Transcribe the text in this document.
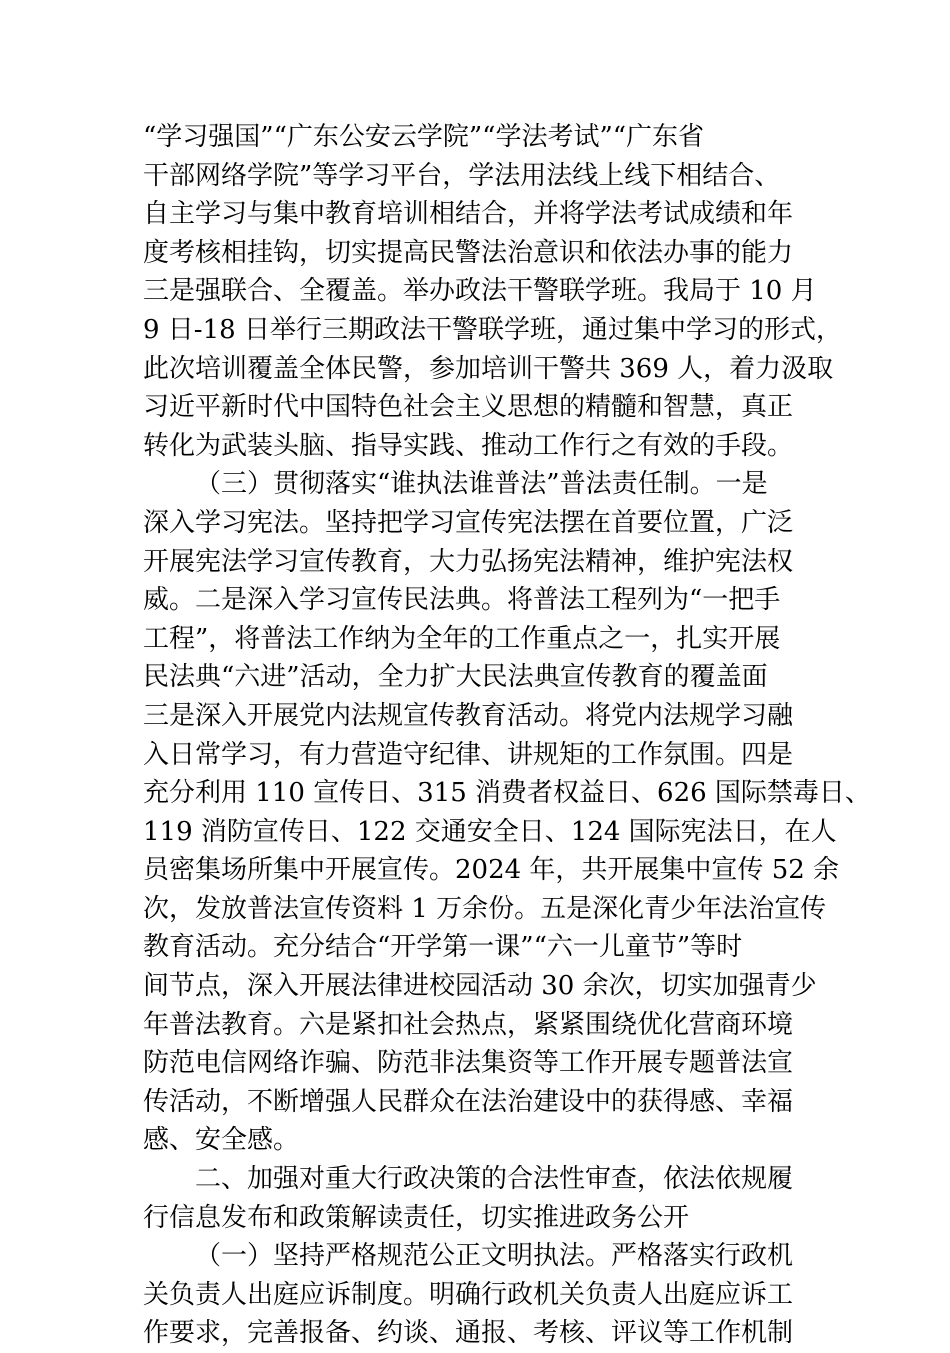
“学习强国”“广东公安云学院”“学法考试”“广东省
干部网络学院”等学习平台，学法用法线上线下相结合、
自主学习与集中教育培训相结合，并将学法考试成绩和年
度考核相挂钩，切实提高民警法治意识和依法办事的能力
三是强联合、全覆盖。举办政法干警联学班。我局于 10 月
9 日-18 日举行三期政法干警联学班，通过集中学习的形式，
此次培训覆盖全体民警，参加培训干警共 369 人，着力汲取
习近平新时代中国特色社会主义思想的精髓和智慧，真正
转化为武装头脑、指导实践、推动工作行之有效的手段。
（三）贯彻落实“谁执法谁普法”普法责任制。一是
深入学习宪法。坚持把学习宣传宪法摆在首要位置，广泛
开展宪法学习宣传教育，大力弘扬宪法精神，维护宪法权
威。二是深入学习宣传民法典。将普法工程列为“一把手
工程”，将普法工作纳为全年的工作重点之一，扎实开展
民法典“六进”活动，全力扩大民法典宣传教育的覆盖面
三是深入开展党内法规宣传教育活动。将党内法规学习融
入日常学习，有力营造守纪律、讲规矩的工作氛围。四是
充分利用 110 宣传日、315 消费者权益日、626 国际禁毒日、
119 消防宣传日、122 交通安全日、124 国际宪法日，在人
员密集场所集中开展宣传。2024 年，共开展集中宣传 52 余
次，发放普法宣传资料 1 万余份。五是深化青少年法治宣传
教育活动。充分结合“开学第一课”“六一儿童节”等时
间节点，深入开展法律进校园活动 30 余次，切实加强青少
年普法教育。六是紧扣社会热点，紧紧围绕优化营商环境
防范电信网络诈骗、防范非法集资等工作开展专题普法宣
传活动，不断增强人民群众在法治建设中的获得感、幸福
感、安全感。
二、加强对重大行政决策的合法性审查，依法依规履
行信息发布和政策解读责任，切实推进政务公开
（一）坚持严格规范公正文明执法。严格落实行政机
关负责人出庭应诉制度。明确行政机关负责人出庭应诉工
作要求，完善报备、约谈、通报、考核、评议等工作机制
